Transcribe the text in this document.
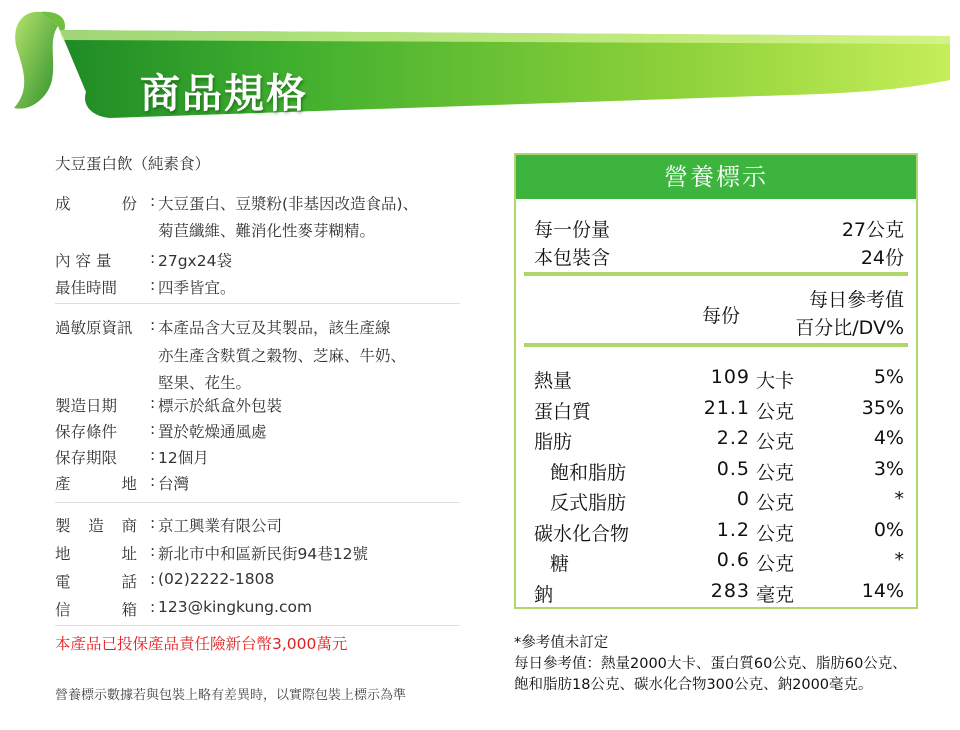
商品規格
大豆蛋白飲（純素食）
成	份 : 大豆蛋白、豆漿粉(非基因改造食品)、
菊苣纖維、難消化性麥芽糊精。
內 容 量	: 27gx24袋
最佳時間	: 四季皆宜。
過敏原資訊	: 本產品含大豆及其製品，該生產線
亦生產含麩質之穀物、芝麻、牛奶、
堅果、花生。
製造日期	: 標示於紙盒外包裝
保存條件	: 置於乾燥通風處
保存期限	: 12個月
產	地 : 台灣
製 造 商 : 京工興業有限公司
地	址 : 新北市中和區新民街94巷12號
電	話 : (02)2222-1808
信	箱 : 123@kingkung.com
本產品已投保產品責任險新台幣3,000萬元
營養標示數據若與包裝上略有差異時，以實際包裝上標示為準
營養標示
每一份量	27公克
本包裝含	24份
每份
每日參考值
百分比/DV%
熱量	109 大卡	5%
蛋白質	21.1 公克	35%
脂肪	2.2 公克	4%
飽和脂肪	0.5 公克	3%
反式脂肪	0 公克	*
碳水化合物	1.2 公克	0%
糖	0.6 公克	*
鈉	283 毫克	14%
*參考值未訂定
每日參考值：熱量2000大卡、蛋白質60公克、脂肪60公克、
飽和脂肪18公克、碳水化合物300公克、鈉2000毫克。
